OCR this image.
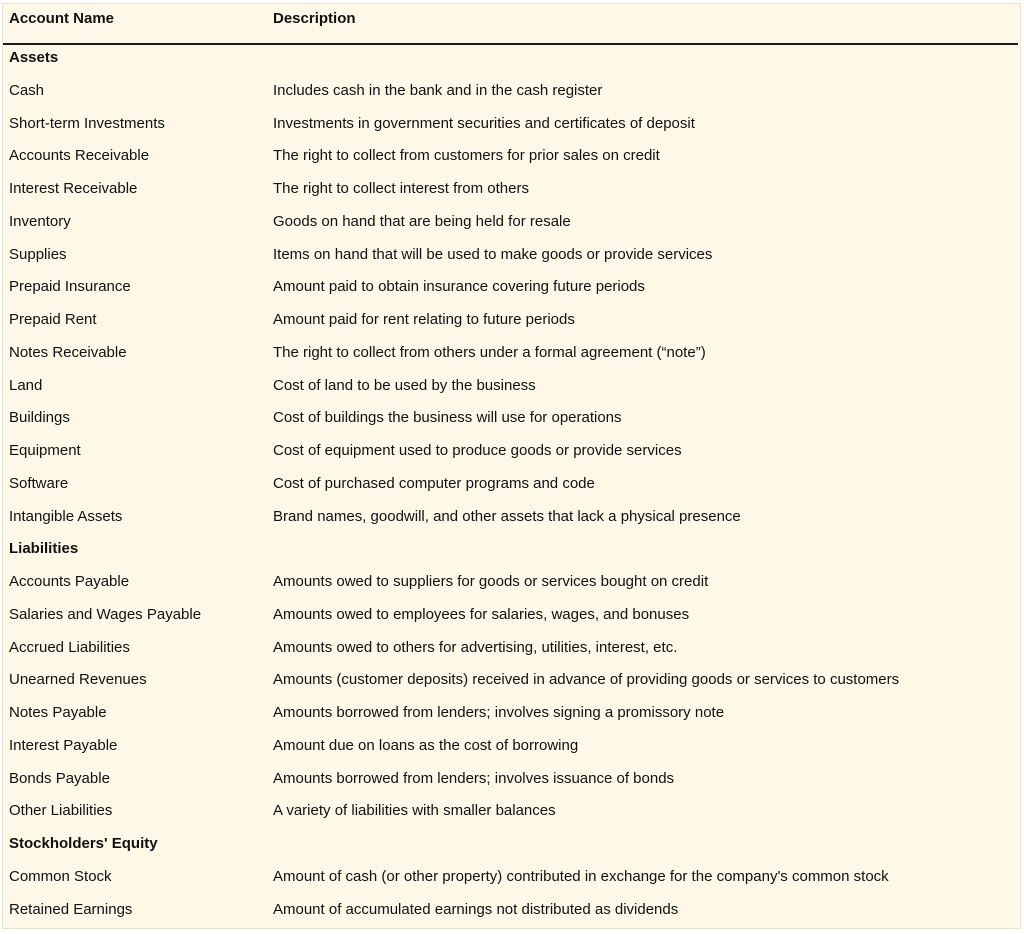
Account Name	Description
Assets
Cash	Includes cash in the bank and in the cash register
Short-term Investments	Investments in government securities and certificates of deposit
Accounts Receivable	The right to collect from customers for prior sales on credit
Interest Receivable	The right to collect interest from others
Inventory	Goods on hand that are being held for resale
Supplies	Items on hand that will be used to make goods or provide services
Prepaid Insurance	Amount paid to obtain insurance covering future periods
Prepaid Rent	Amount paid for rent relating to future periods
Notes Receivable	The right to collect from others under a formal agreement (“note”)
Land	Cost of land to be used by the business
Buildings	Cost of buildings the business will use for operations
Equipment	Cost of equipment used to produce goods or provide services
Software	Cost of purchased computer programs and code
Intangible Assets	Brand names, goodwill, and other assets that lack a physical presence
Liabilities
Accounts Payable	Amounts owed to suppliers for goods or services bought on credit
Salaries and Wages Payable	Amounts owed to employees for salaries, wages, and bonuses
Accrued Liabilities	Amounts owed to others for advertising, utilities, interest, etc.
Unearned Revenues	Amounts (customer deposits) received in advance of providing goods or services to customers
Notes Payable	Amounts borrowed from lenders; involves signing a promissory note
Interest Payable	Amount due on loans as the cost of borrowing
Bonds Payable	Amounts borrowed from lenders; involves issuance of bonds
Other Liabilities	A variety of liabilities with smaller balances
Stockholders' Equity
Common Stock	Amount of cash (or other property) contributed in exchange for the company's common stock
Retained Earnings	Amount of accumulated earnings not distributed as dividends
